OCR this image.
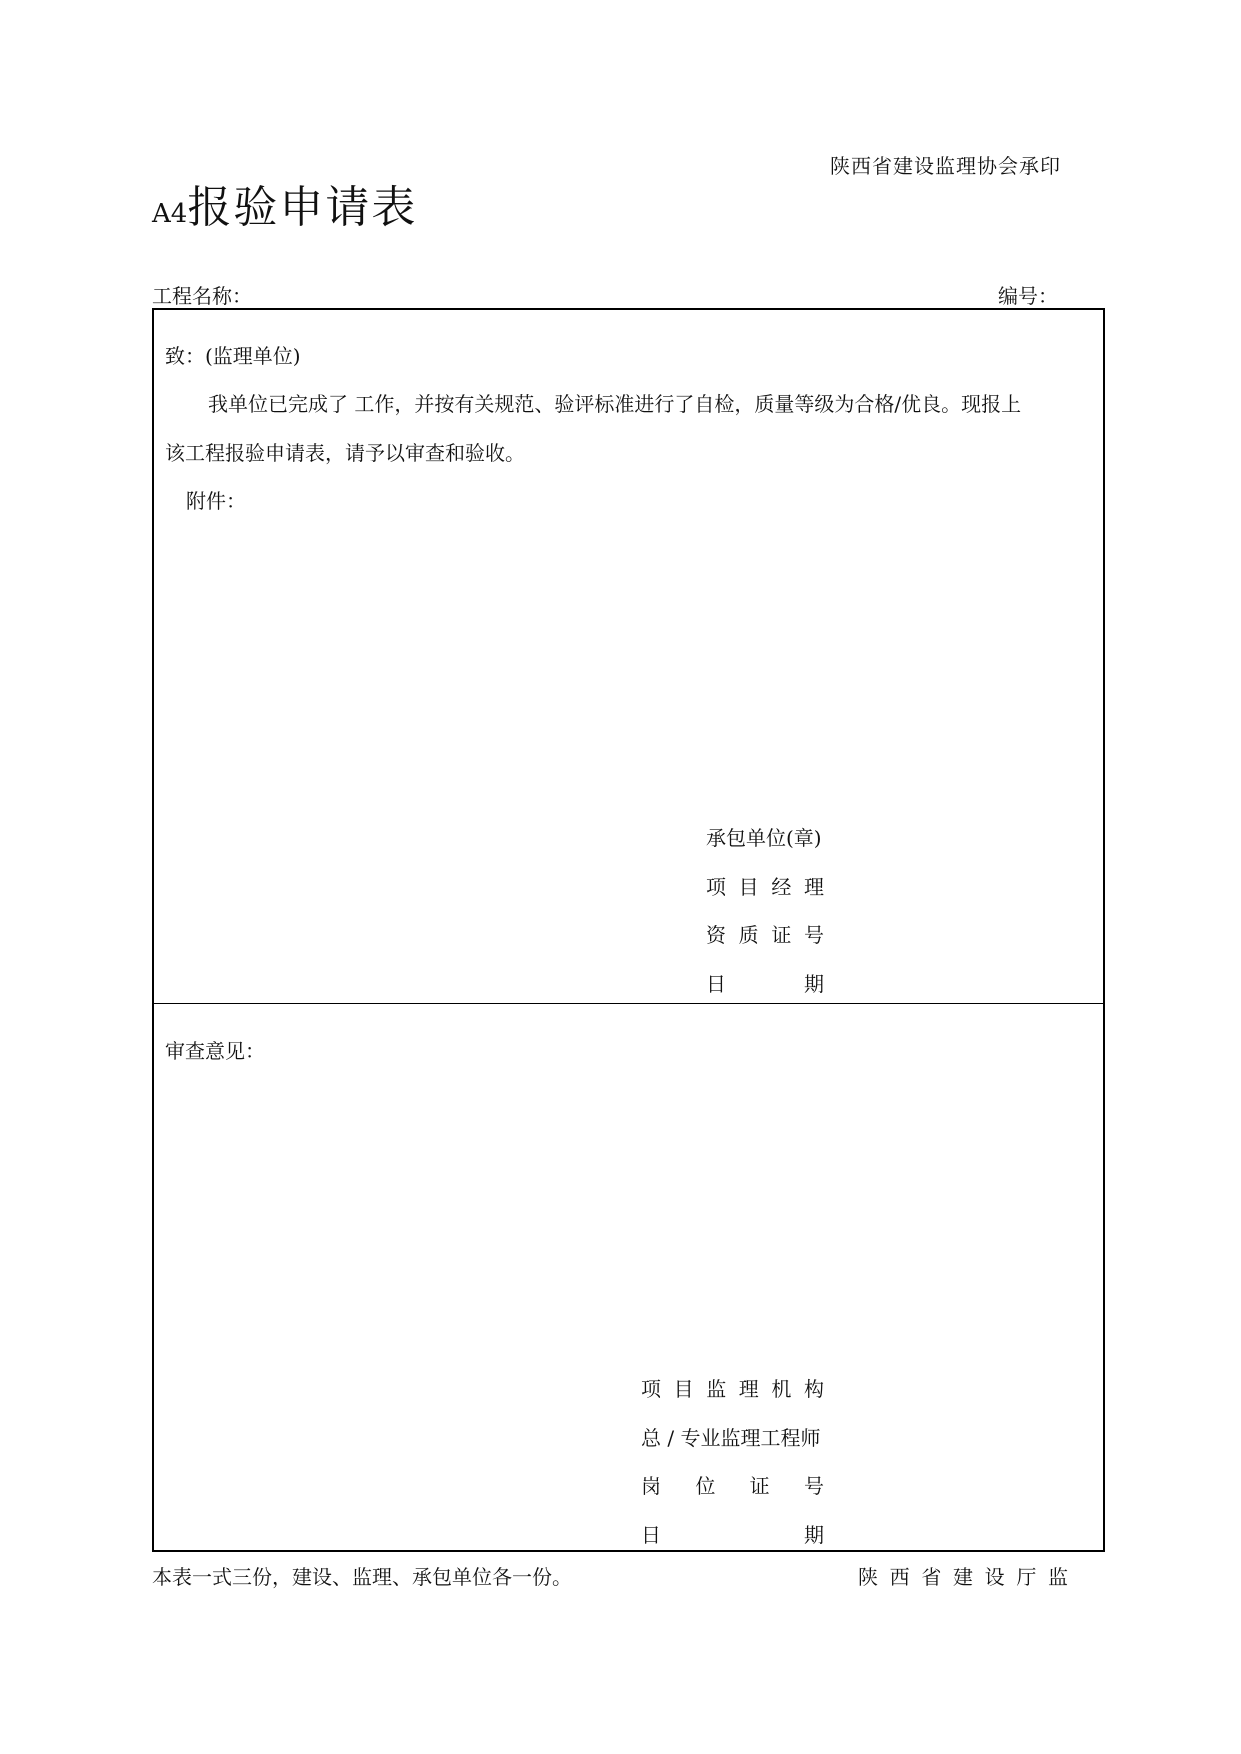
陕西省建设监理协会承印
A4报验申请表
工程名称：	编号：
致：(监理单位)
我单位已完成了 工作，并按有关规范、验评标准进行了自检，质量等级为合格/优良。现报上
该工程报验申请表，请予以审查和验收。
附件：
承包单位(章)
项目经理
资质证号
日期
审查意见：
项目监理机构
总 / 专业监理工程师
岗位证号
日期
本表一式三份，建设、监理、承包单位各一份。	陕西省建设厅监
